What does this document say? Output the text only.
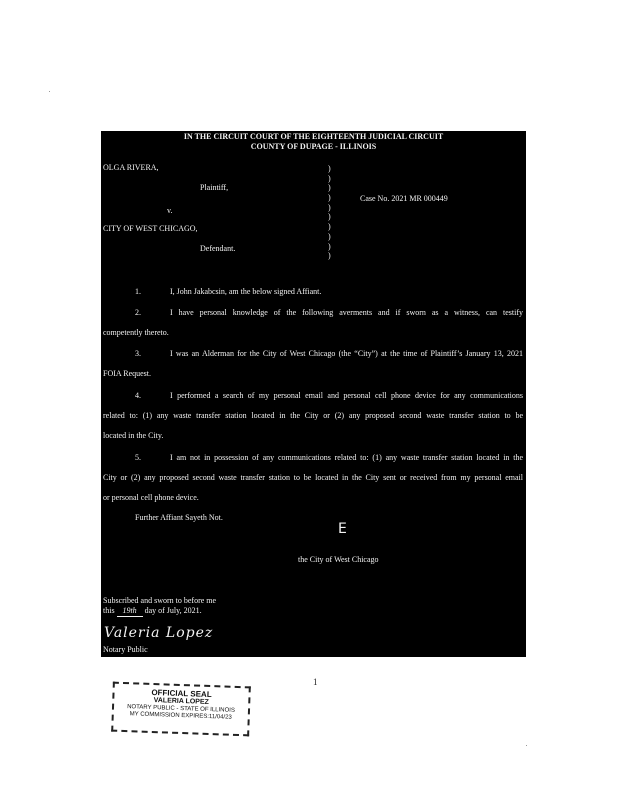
IN THE CIRCUIT COURT OF THE EIGHTEENTH JUDICIAL CIRCUIT
COUNTY OF DUPAGE - ILLINOIS
OLGA RIVERA,
Plaintiff,
v.
CITY OF WEST CHICAGO,
Defendant.
Case No. 2021 MR 000449
)
)
)
)
)
)
)
)
)
)
1.	I, John Jakabcsin, am the below signed Affiant.
2.	I have personal knowledge of the following averments and if sworn as a witness, can testify
competently thereto.
3.	I was an Alderman for the City of West Chicago (the “City”) at the time of Plaintiff’s January 13, 2021
FOIA Request.
4.	I performed a search of my personal email and personal cell phone device for any communications
related to: (1) any waste transfer station located in the City or (2) any proposed second waste transfer station to be
located in the City.
5.	I am not in possession of any communications related to: (1) any waste transfer station located in the
City or (2) any proposed second waste transfer station to be located in the City sent or received from my personal email
or personal cell phone device.
Further Affiant Sayeth Not.
E
the City of West Chicago
Subscribed and sworn to before me
this 19th day of July, 2021.
Valeria Lopez
Notary Public
1
OFFICIAL SEAL
VALERIA LOPEZ
NOTARY PUBLIC - STATE OF ILLINOIS
MY COMMISSION EXPIRES:11/04/23
